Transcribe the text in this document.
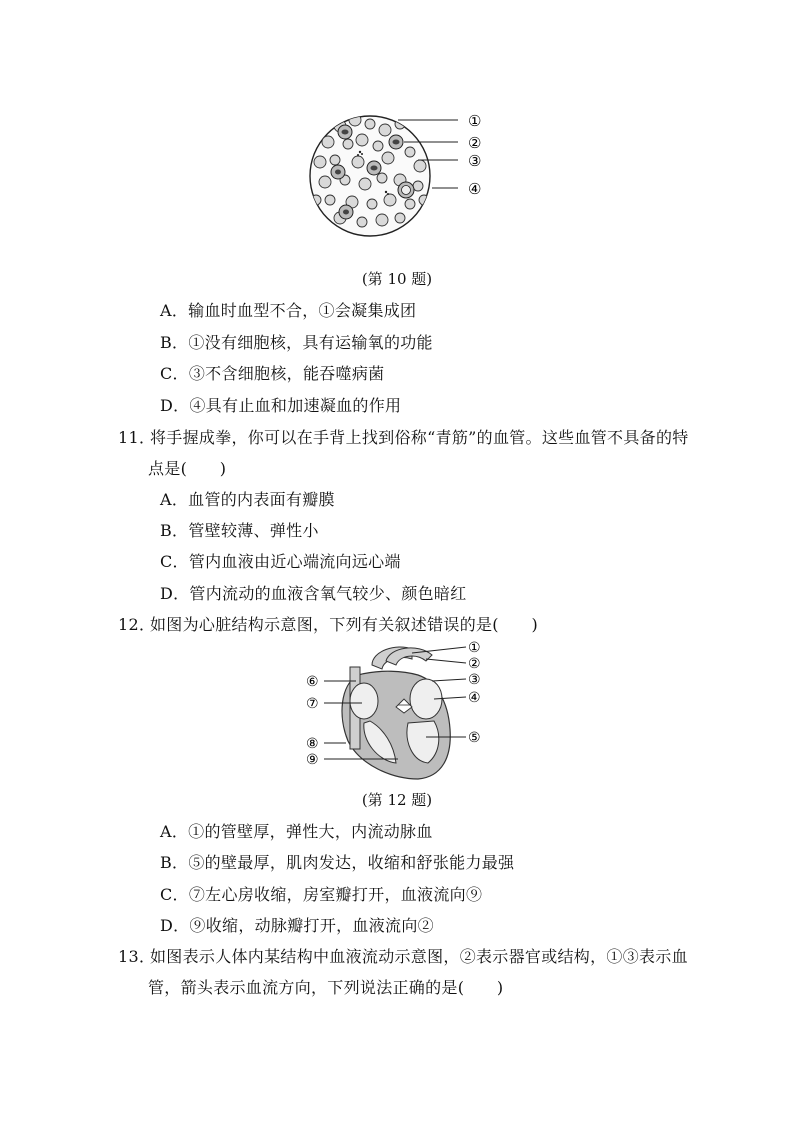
①
②
③
④
(第 10 题)
A．输血时血型不合，①会凝集成团
B．①没有细胞核，具有运输氧的功能
C．③不含细胞核，能吞噬病菌
D．④具有止血和加速凝血的作用
11．
将手握成拳，你可以在手背上找到俗称“青筋”的血管。这些血管不具备的特
点是(　　)
A．血管的内表面有瓣膜
B．管壁较薄、弹性小
C．管内血液由近心端流向远心端
D．管内流动的血液含氧气较少、颜色暗红
12．
如图为心脏结构示意图，下列有关叙述错误的是(　　)
①
②
③
④
⑤
⑥
⑦
⑧
⑨
(第 12 题)
A．①的管壁厚，弹性大，内流动脉血
B．⑤的壁最厚，肌肉发达，收缩和舒张能力最强
C．⑦左心房收缩，房室瓣打开，血液流向⑨
D．⑨收缩，动脉瓣打开，血液流向②
13．
如图表示人体内某结构中血液流动示意图，②表示器官或结构，①③表示血
管，箭头表示血流方向，下列说法正确的是(　　)
